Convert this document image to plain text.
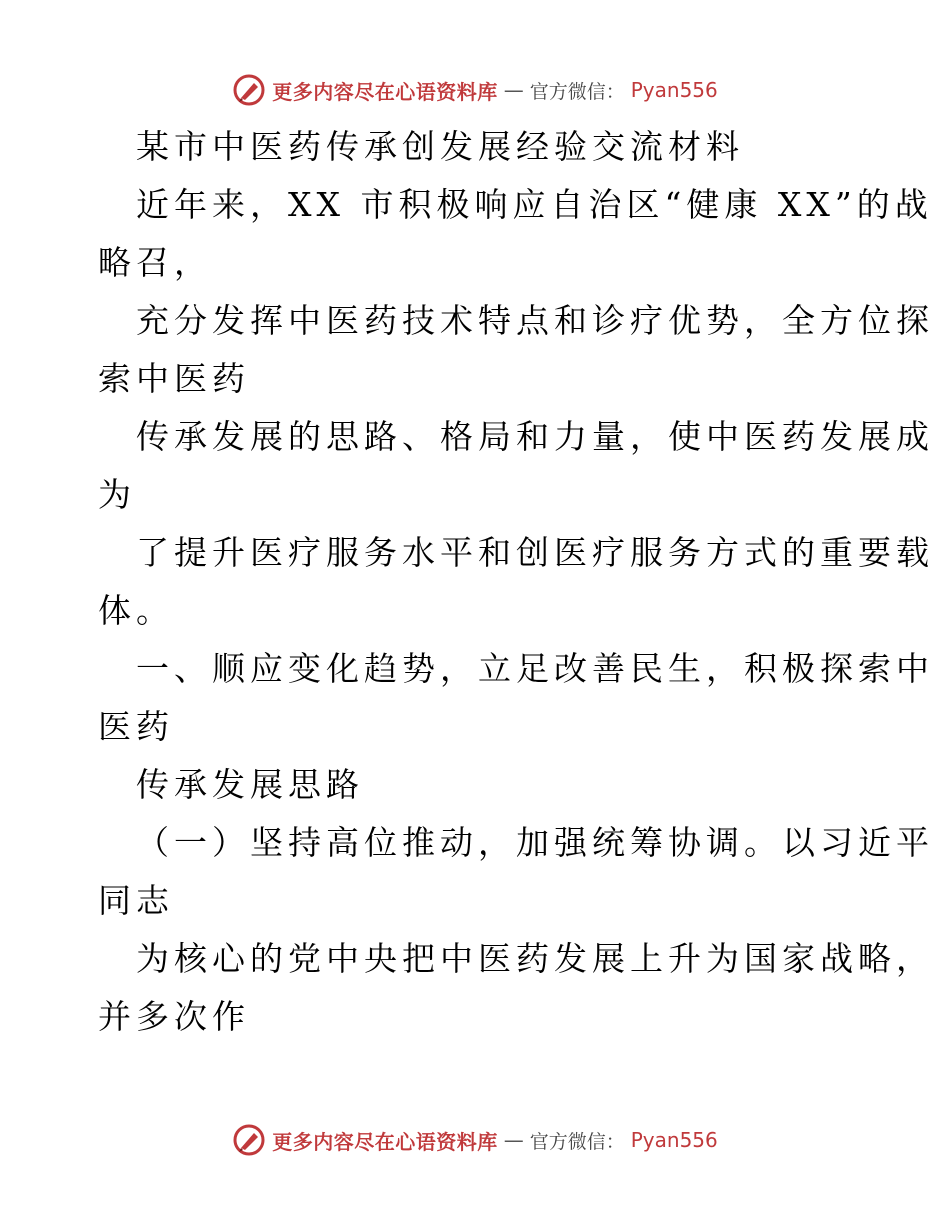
更多内容尽在心语资料库 — 官方微信： Pyan556
某市中医药传承创发展经验交流材料
近年来，XX 市积极响应自治区“健康 XX”的战
略召，
充分发挥中医药技术特点和诊疗优势，全方位探
索中医药
传承发展的思路、格局和力量，使中医药发展成
为
了提升医疗服务水平和创医疗服务方式的重要载
体。
一、顺应变化趋势，立足改善民生，积极探索中
医药
传承发展思路
（一）坚持高位推动，加强统筹协调。以习近平
同志
为核心的党中央把中医药发展上升为国家战略，
并多次作
更多内容尽在心语资料库 — 官方微信： Pyan556
